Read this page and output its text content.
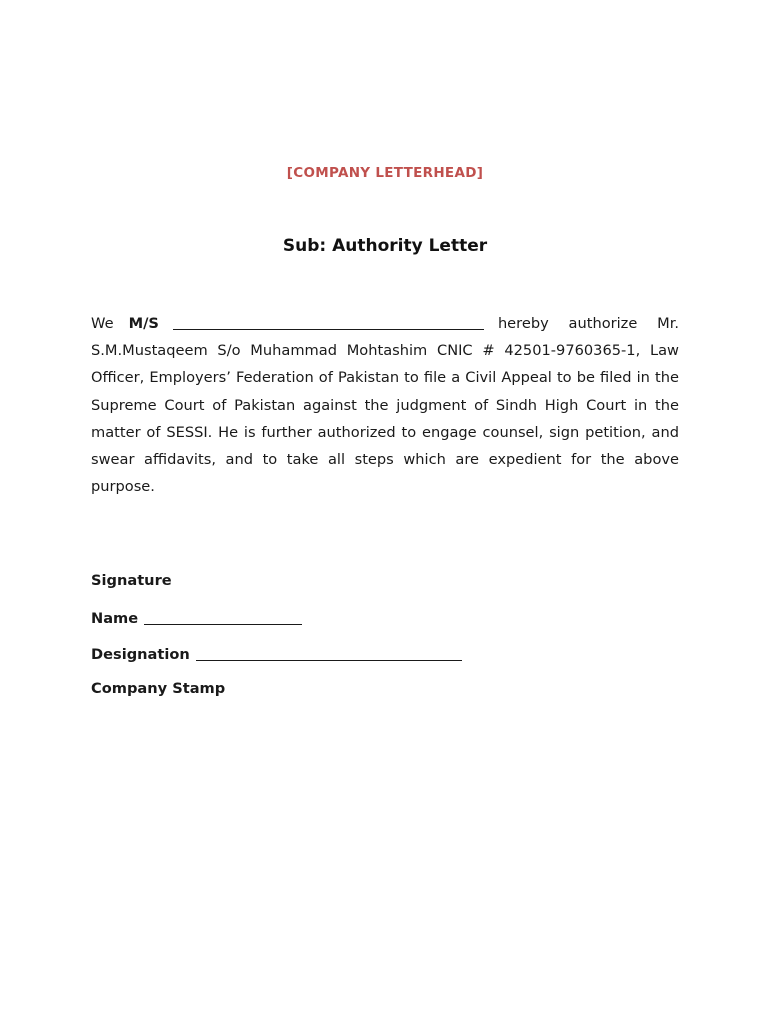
[COMPANY LETTERHEAD]
Sub: Authority Letter
We M/S	hereby authorize Mr.
S.M.Mustaqeem S/o Muhammad Mohtashim CNIC # 42501-9760365-1, Law Officer, Employers’ Federation of Pakistan to file a Civil Appeal to be filed in the Supreme Court of Pakistan against the judgment of Sindh High Court in the matter of SESSI. He is further authorized to engage counsel, sign petition, and swear affidavits, and to take all steps which are expedient for the above purpose.
Signature
Name
Designation
Company Stamp
